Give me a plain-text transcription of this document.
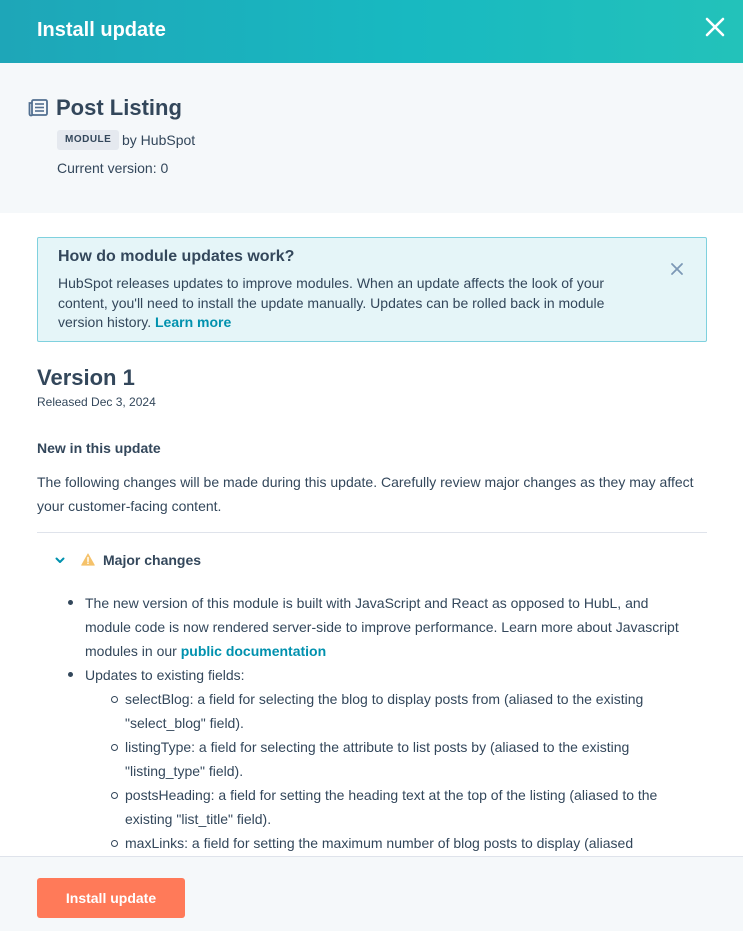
Install update
Post Listing
MODULE by HubSpot
Current version: 0
How do module updates work?
HubSpot releases updates to improve modules. When an update affects the look of your content, you'll need to install the update manually. Updates can be rolled back in module version history. Learn more
Version 1
Released Dec 3, 2024
New in this update
The following changes will be made during this update. Carefully review major changes as they may affect your customer-facing content.
Major changes
The new version of this module is built with JavaScript and React as opposed to HubL, and module code is now rendered server-side to improve performance. Learn more about Javascript modules in our public documentation
Updates to existing fields:
selectBlog: a field for selecting the blog to display posts from (aliased to the existing "select_blog" field).
listingType: a field for selecting the attribute to list posts by (aliased to the existing "listing_type" field).
postsHeading: a field for setting the heading text at the top of the listing (aliased to the existing "list_title" field).
maxLinks: a field for setting the maximum number of blog posts to display (aliased
Install update
